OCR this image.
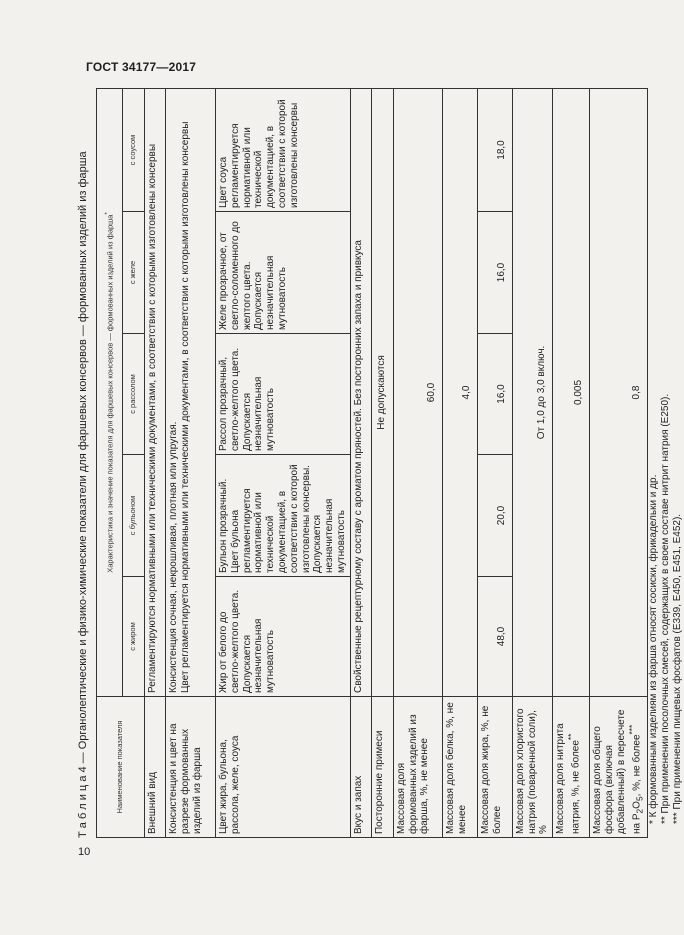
ГОСТ 34177—2017
Т а б л и ц а 4 — Органолептические и физико-химические показатели для фаршевых консервов — формованных изделий из фарша	Наименование показателя	Характеристика и значение показателя для фаршевых консервов — формованных изделий из фарша*
	с жиром	с бульоном	с рассолом	с желе	с соусом
Внешний вид	Регламентируются нормативными или техническими документами, в соответствии с которыми изготовлены консервы				
Консистенция и цвет на разрезе формованных изделий из фарша	Консистенция сочная, некрошливая, плотная или упругая. Цвет регламентируется нормативными или техническими документами, в соответствии с которыми изготовлены консервы				

Цвет жира, бульона, рассола, желе, соуса	Жир от белого до светло-желтого цвета. Допускается незначительная мутноватость	Бульон прозрачный. Цвет бульона регламентируется нормативной или технической документацией, в соответствии с которой изготовлены консервы. Допускается незначительная мутноватость	Рассол прозрачный, светло-желтого цвета. Допускается незначительная мутноватость	Желе прозрачное, от светло-соломенного до желтого цвета. Допускается незначительная мутноватость	Цвет соуса регламентируется нормативной или технической документацией, в соответствии с которой изготовлены консервы
Вкус и запах	Свойственные рецептурному составу с ароматом пряностей. Без посторонних запаха и привкуса				
Посторонние примеси	Не допускаются				
Массовая доля формованных изделий из фарша, %, не менее	60,0				
Массовая доля белка, %, не менее	4,0				
Массовая доля жира, %, не более	48,0	20,0	16,0	16,0	18,0
Массовая доля хлористого натрия (поваренной соли), %	От 1,0 до 3,0 включ.				
Массовая доля нитрита натрия, %, не более**	0,005				
Массовая доля общего фосфора (включая добавленный) в пересчете на $P_2O_5$, %, не более***	0,8				
* К формованным изделиям из фарша относят сосиски, фрикадельки и др. ** При применении посолочных смесей, содержащих в своем составе нитрит натрия (Е250). *** При применении пищевых фосфатов (Е339, Е450, Е451, Е452).
10
